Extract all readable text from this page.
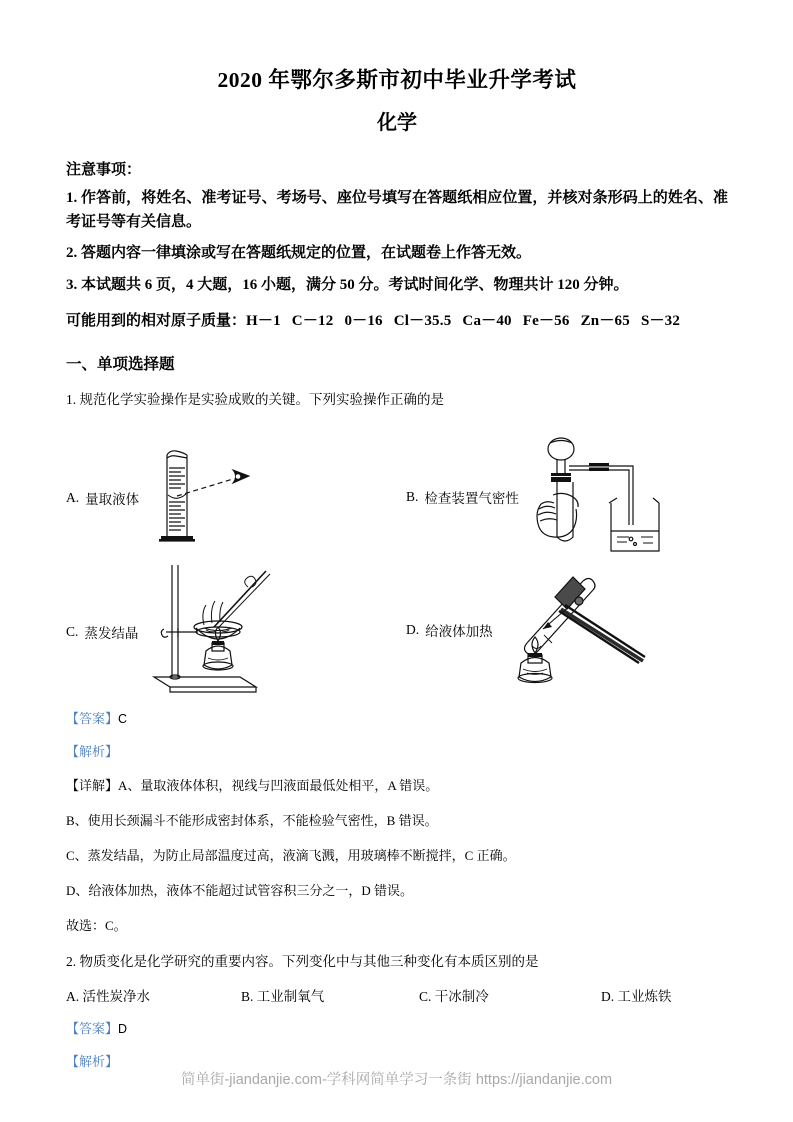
2020 年鄂尔多斯市初中毕业升学考试
化学
注意事项：
1. 作答前，将姓名、准考证号、考场号、座位号填写在答题纸相应位置，并核对条形码上的姓名、准考证号等有关信息。
2. 答题内容一律填涂或写在答题纸规定的位置，在试题卷上作答无效。
3. 本试题共 6 页，4 大题，16 小题，满分 50 分。考试时间化学、物理共计 120 分钟。
可能用到的相对原子质量：H－1 C－12 0－16 Cl－35.5 Ca－40 Fe－56 Zn－65 S－32
一、单项选择题
1. 规范化学实验操作是实验成败的关键。下列实验操作正确的是
A. 量取液体	B. 检查装置气密性
C. 蒸发结晶	D. 给液体加热
【答案】C
【解析】
【详解】A、量取液体体积，视线与凹液面最低处相平，A 错误。
B、使用长颈漏斗不能形成密封体系，不能检验气密性，B 错误。
C、蒸发结晶，为防止局部温度过高，液滴飞溅，用玻璃棒不断搅拌，C 正确。
D、给液体加热，液体不能超过试管容积三分之一，D 错误。
故选：C。
2. 物质变化是化学研究的重要内容。下列变化中与其他三种变化有本质区别的是
A. 活性炭净水	B. 工业制氧气	C. 干冰制冷	D. 工业炼铁
【答案】D
【解析】
简单街-jiandanjie.com-学科网简单学习一条街 https://jiandanjie.com
